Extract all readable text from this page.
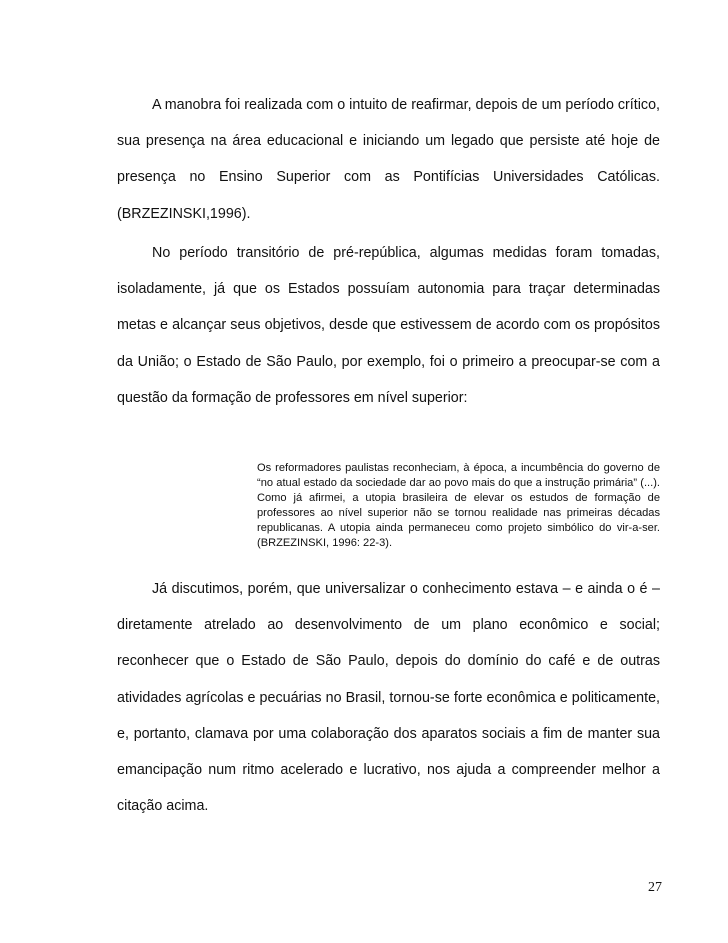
A manobra foi realizada com o intuito de reafirmar, depois de um período crítico, sua presença na área educacional e iniciando um legado que persiste até hoje de presença no Ensino Superior com as Pontifícias Universidades Católicas. (BRZEZINSKI,1996).

No período transitório de pré-república, algumas medidas foram tomadas, isoladamente, já que os Estados possuíam autonomia para traçar determinadas metas e alcançar seus objetivos, desde que estivessem de acordo com os propósitos da União; o Estado de São Paulo, por exemplo, foi o primeiro a preocupar-se com a questão da formação de professores em nível superior:

Os reformadores paulistas reconheciam, à época, a incumbência do governo de “no atual estado da sociedade dar ao povo mais do que a instrução primária” (...). Como já afirmei, a utopia brasileira de elevar os estudos de formação de professores ao nível superior não se tornou realidade nas primeiras décadas republicanas. A utopia ainda permaneceu como projeto simbólico do vir-a-ser. (BRZEZINSKI, 1996: 22-3).

Já discutimos, porém, que universalizar o conhecimento estava – e ainda o é – diretamente atrelado ao desenvolvimento de um plano econômico e social; reconhecer que o Estado de São Paulo, depois do domínio do café e de outras atividades agrícolas e pecuárias no Brasil, tornou-se forte econômica e politicamente, e, portanto, clamava por uma colaboração dos aparatos sociais a fim de manter sua emancipação num ritmo acelerado e lucrativo, nos ajuda a compreender melhor a citação acima.

27
